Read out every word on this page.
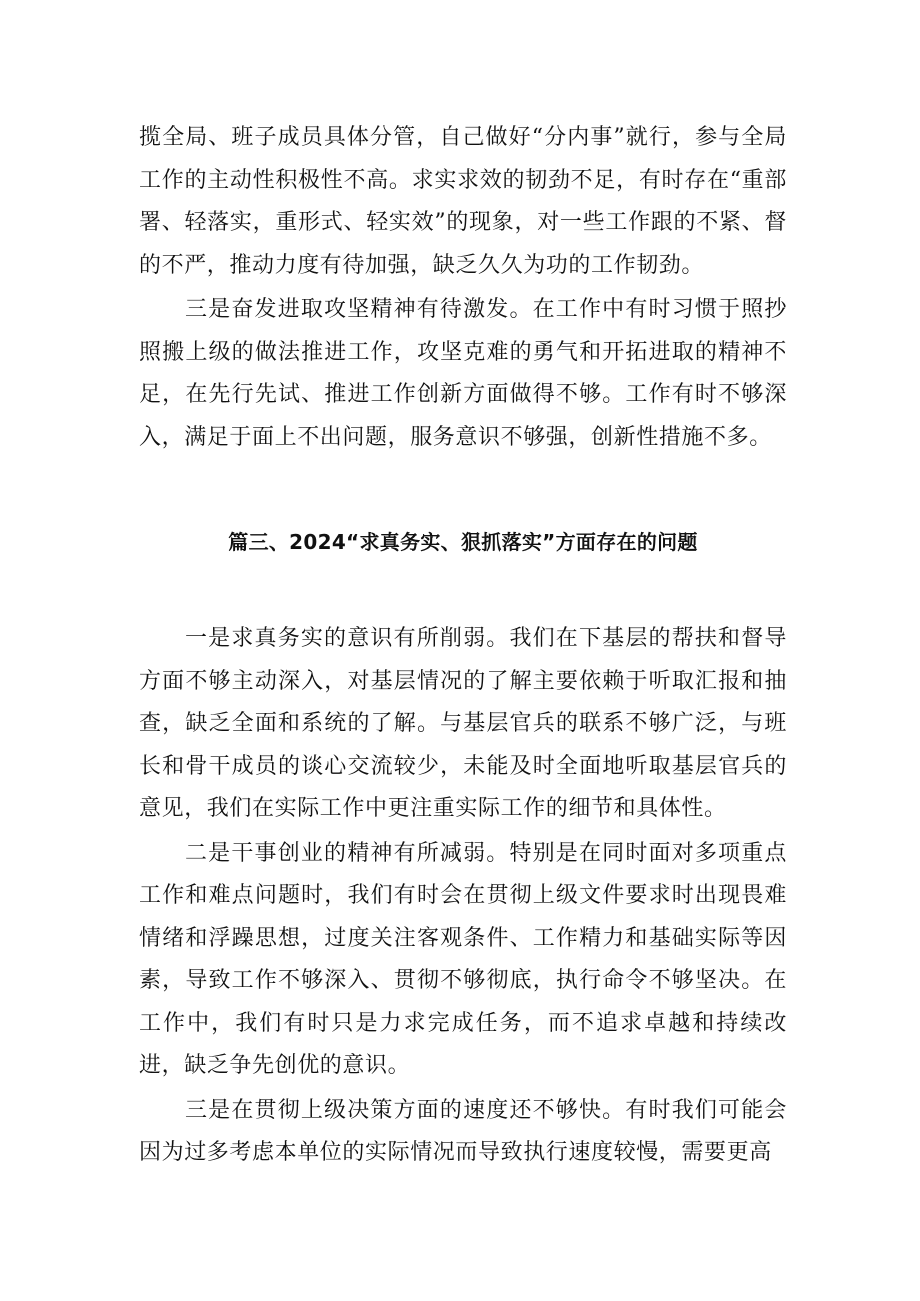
揽全局、班子成员具体分管，自己做好“分内事”就行，参与全局工作的主动性积极性不高。求实求效的韧劲不足，有时存在“重部署、轻落实，重形式、轻实效”的现象，对一些工作跟的不紧、督的不严，推动力度有待加强，缺乏久久为功的工作韧劲。

三是奋发进取攻坚精神有待激发。在工作中有时习惯于照抄照搬上级的做法推进工作，攻坚克难的勇气和开拓进取的精神不足，在先行先试、推进工作创新方面做得不够。工作有时不够深入，满足于面上不出问题，服务意识不够强，创新性措施不多。

篇三、2024“求真务实、狠抓落实”方面存在的问题

一是求真务实的意识有所削弱。我们在下基层的帮扶和督导方面不够主动深入，对基层情况的了解主要依赖于听取汇报和抽查，缺乏全面和系统的了解。与基层官兵的联系不够广泛，与班长和骨干成员的谈心交流较少，未能及时全面地听取基层官兵的意见，我们在实际工作中更注重实际工作的细节和具体性。

二是干事创业的精神有所减弱。特别是在同时面对多项重点工作和难点问题时，我们有时会在贯彻上级文件要求时出现畏难情绪和浮躁思想，过度关注客观条件、工作精力和基础实际等因素，导致工作不够深入、贯彻不够彻底，执行命令不够坚决。在工作中，我们有时只是力求完成任务，而不追求卓越和持续改进，缺乏争先创优的意识。

三是在贯彻上级决策方面的速度还不够快。有时我们可能会因为过多考虑本单位的实际情况而导致执行速度较慢，需要更高
